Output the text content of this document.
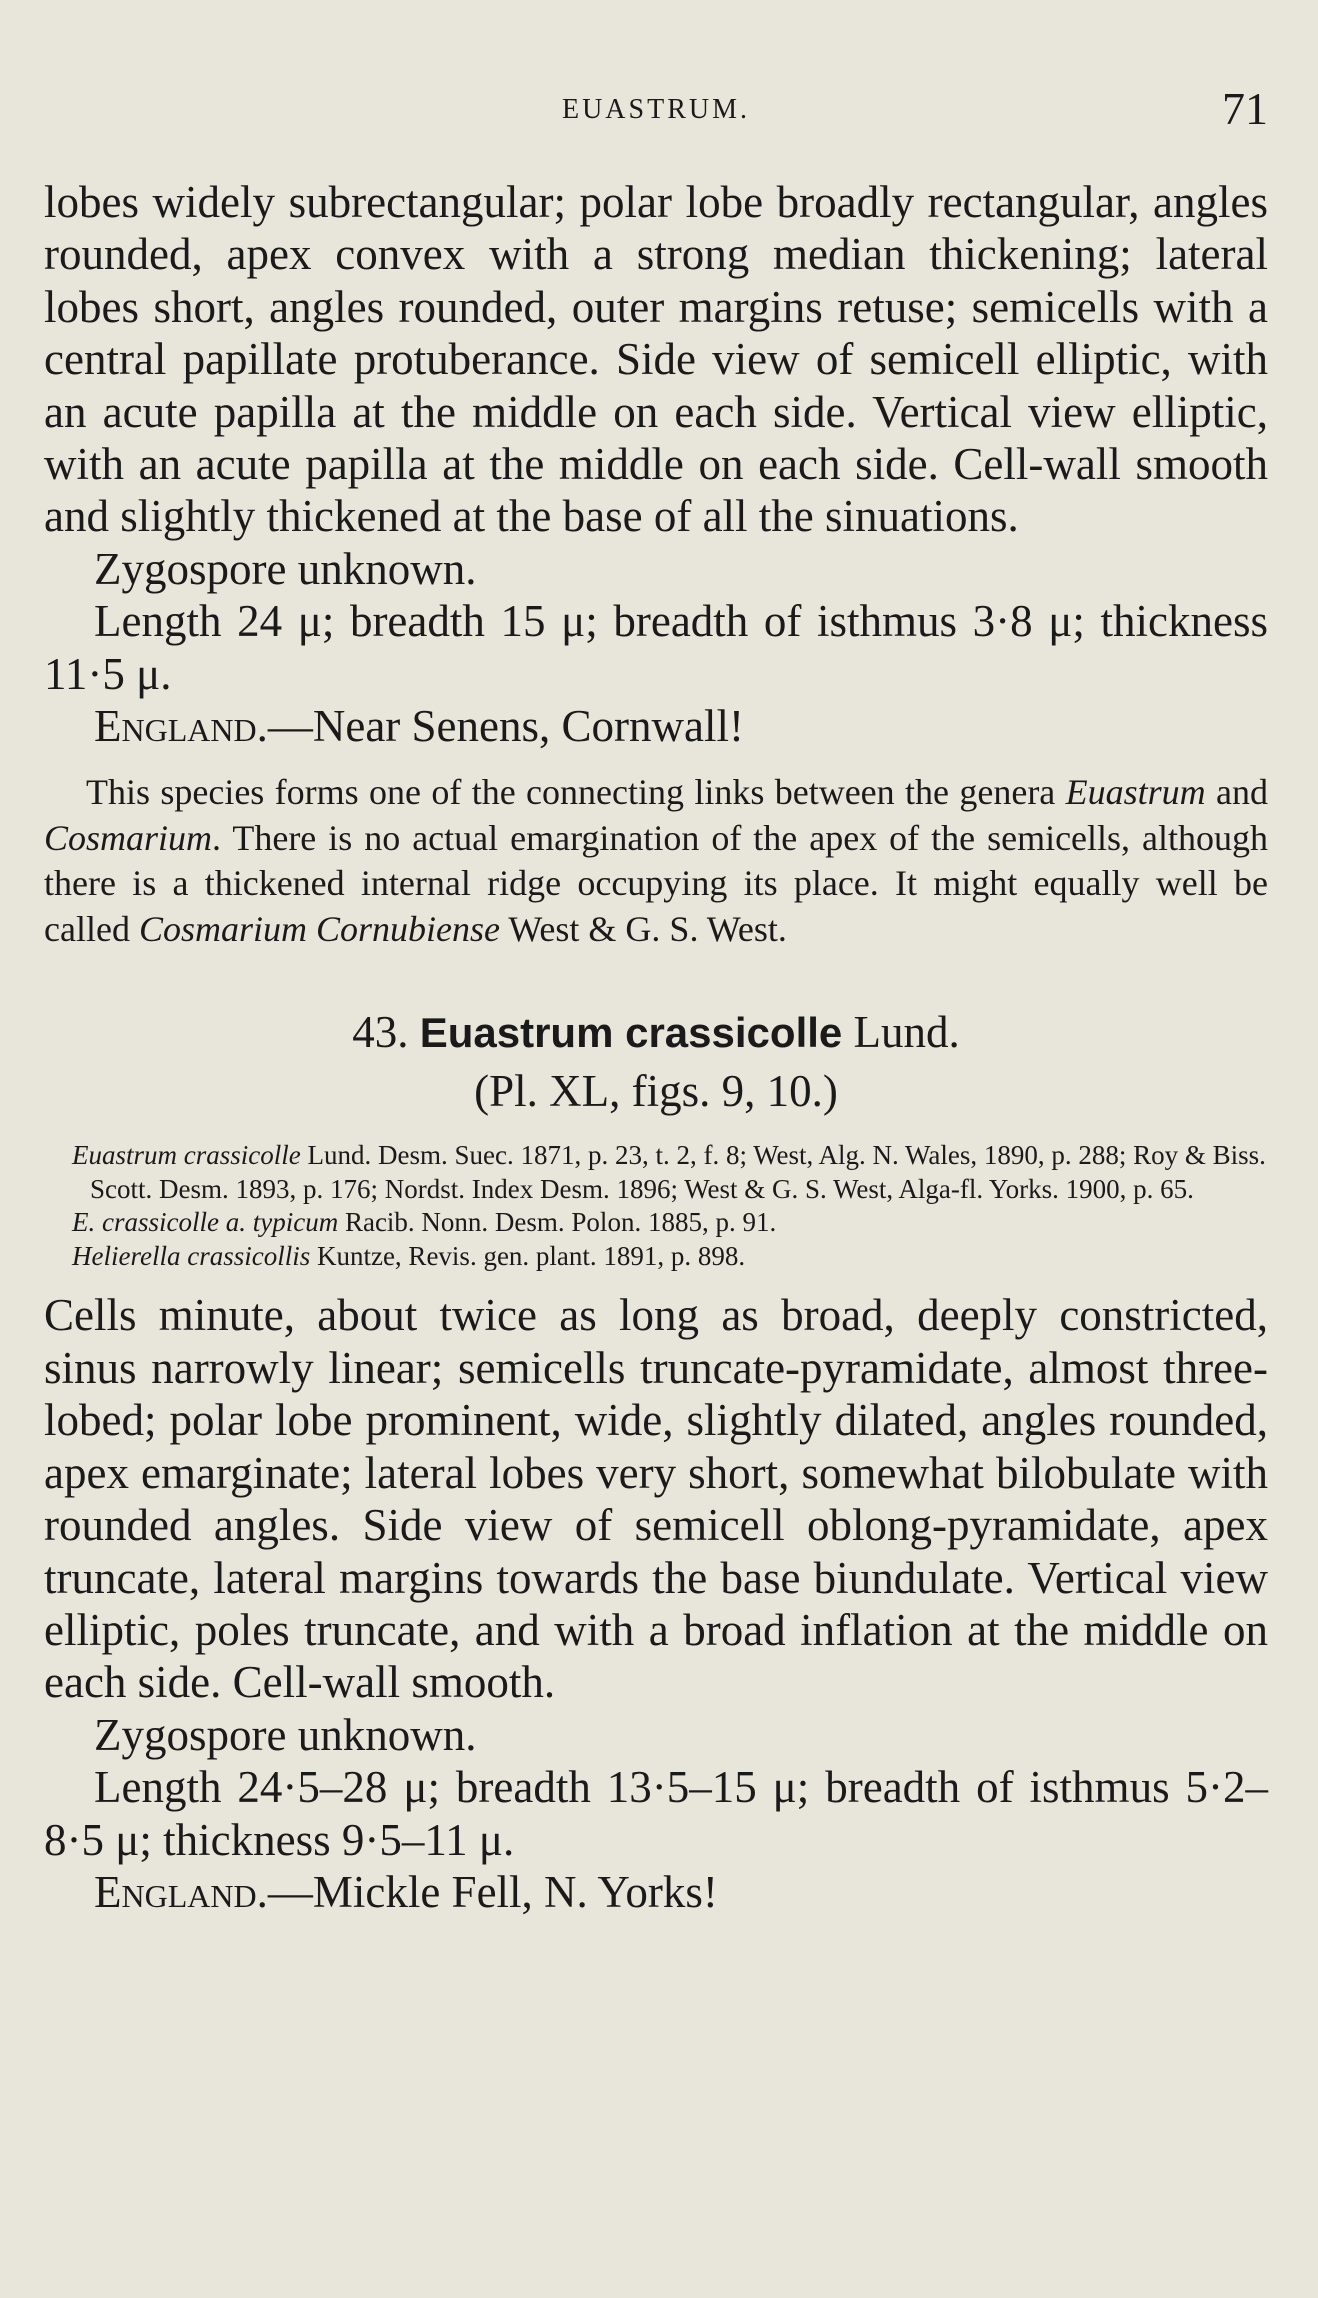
EUASTRUM.	71

lobes widely subrectangular; polar lobe broadly rectangular, angles rounded, apex convex with a strong median thickening; lateral lobes short, angles rounded, outer margins retuse; semicells with a central papillate protuberance. Side view of semicell elliptic, with an acute papilla at the middle on each side. Vertical view elliptic, with an acute papilla at the middle on each side. Cell-wall smooth and slightly thickened at the base of all the sinuations.

Zygospore unknown.

Length 24 μ; breadth 15 μ; breadth of isthmus 3·8 μ; thickness 11·5 μ.

England.—Near Senens, Cornwall!

This species forms one of the connecting links between the genera Euastrum and Cosmarium. There is no actual emargination of the apex of the semicells, although there is a thickened internal ridge occupying its place. It might equally well be called Cosmarium Cornubiense West & G. S. West.

43. Euastrum crassicolle Lund.
(Pl. XL, figs. 9, 10.)

Euastrum crassicolle Lund. Desm. Suec. 1871, p. 23, t. 2, f. 8; West, Alg. N. Wales, 1890, p. 288; Roy & Biss. Scott. Desm. 1893, p. 176; Nordst. Index Desm. 1896; West & G. S. West, Alga-fl. Yorks. 1900, p. 65.

E. crassicolle a. typicum Racib. Nonn. Desm. Polon. 1885, p. 91.

Helierella crassicollis Kuntze, Revis. gen. plant. 1891, p. 898.

Cells minute, about twice as long as broad, deeply constricted, sinus narrowly linear; semicells truncate-pyramidate, almost three-lobed; polar lobe prominent, wide, slightly dilated, angles rounded, apex emarginate; lateral lobes very short, somewhat bilobulate with rounded angles. Side view of semicell oblong-pyramidate, apex truncate, lateral margins towards the base biundulate. Vertical view elliptic, poles truncate, and with a broad inflation at the middle on each side. Cell-wall smooth.

Zygospore unknown.

Length 24·5–28 μ; breadth 13·5–15 μ; breadth of isthmus 5·2–8·5 μ; thickness 9·5–11 μ.

England.—Mickle Fell, N. Yorks!
